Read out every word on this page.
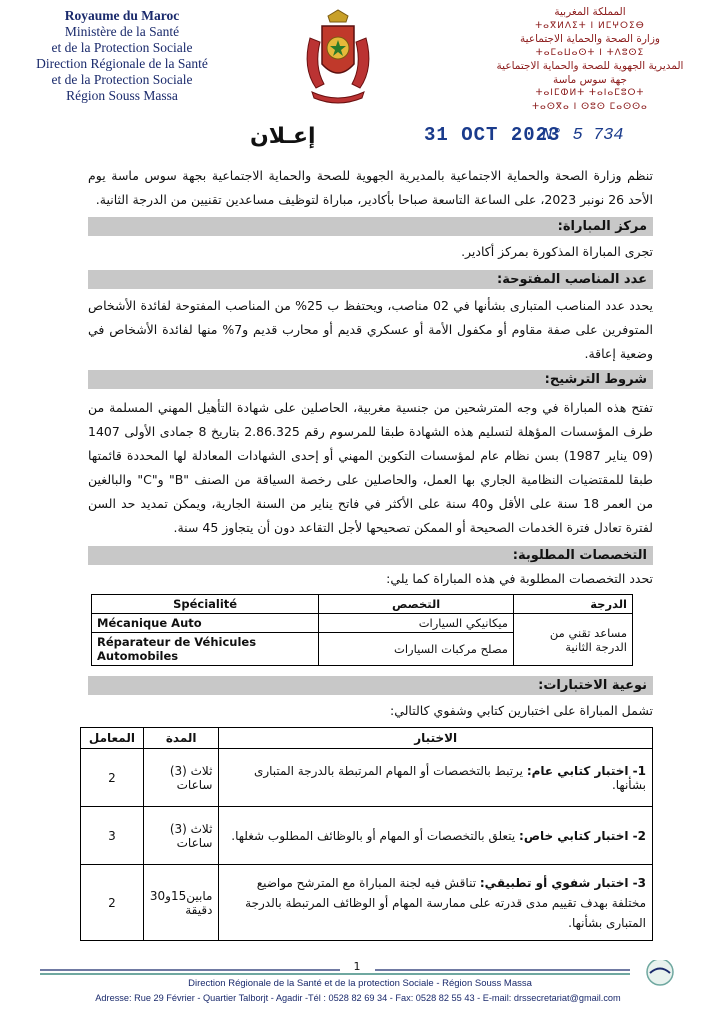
Royaume du Maroc
Ministère de la Santé
et de la Protection Sociale
Direction Régionale de la Santé
et de la Protection Sociale
Région Souss Massa
المملكة المغربية
ⵜⴰⴳⵍⴷⵉⵜ ⵏ ⵍⵎⵖⵔⵉⴱ
وزارة الصحة والحماية الاجتماعية
ⵜⴰⵎⴰⵡⴰⵙⵜ ⵏ ⵜⴷⵓⵙⵉ
المديرية الجهوية للصحة والحماية الاجتماعية
جهة سوس ماسة
ⵜⴰⵏⵎⵀⵍⵜ ⵜⴰⵏⴰⵎⵓⵔⵜ
ⵜⴰⵙⴳⴰ ⵏ ⵙⵓⵙ ⵎⴰⵙⵙⴰ
إعـلان	31 OCT 2023
N° 5 734
تنظم وزارة الصحة والحماية الاجتماعية بالمديرية الجهوية للصحة والحماية الاجتماعية بجهة سوس ماسة يوم الأحد 26 نونبر 2023، على الساعة التاسعة صباحا بأكادير، مباراة لتوظيف مساعدين تقنيين من الدرجة الثانية.
مركز المباراة:
تجرى المباراة المذكورة بمركز أكادير.
عدد المناصب المفتوحة:
يحدد عدد المناصب المتبارى بشأنها في 02 مناصب، ويحتفظ ب 25% من المناصب المفتوحة لفائدة الأشخاص المتوفرين على صفة مقاوم أو مكفول الأمة أو عسكري قديم أو محارب قديم و7% منها لفائدة الأشخاص في وضعية إعاقة.
شروط الترشيح:
تفتح هذه المباراة في وجه المترشحين من جنسية مغربية، الحاصلين على شهادة التأهيل المهني المسلمة من طرف المؤسسات المؤهلة لتسليم هذه الشهادة طبقا للمرسوم رقم 2.86.325 بتاريخ 8 جمادى الأولى 1407 (09 يناير 1987) بسن نظام عام لمؤسسات التكوين المهني أو إحدى الشهادات المعادلة لها المحددة قائمتها طبقا للمقتضيات النظامية الجاري بها العمل، والحاصلين على رخصة السياقة من الصنف "B" و"C" والبالغين من العمر 18 سنة على الأقل و40 سنة على الأكثر في فاتح يناير من السنة الجارية، ويمكن تمديد حد السن لفترة تعادل فترة الخدمات الصحيحة أو الممكن تصحيحها لأجل التقاعد دون أن يتجاوز 45 سنة.
التخصصات المطلوبة:
تحدد التخصصات المطلوبة في هذه المباراة كما يلي:
Spécialité	التخصص	الدرجة
Mécanique Auto	ميكانيكي السيارات	مساعد تقني من الدرجة الثانية
Réparateur de Véhicules Automobiles	مصلح مركبات السيارات	
نوعية الاختبارات:
تشمل المباراة على اختبارين كتابي وشفوي كالتالي:
المعامل	المدة	الاختبار
2	ثلاث (3) ساعات	1- اختبار كتابي عام: يرتبط بالتخصصات أو المهام المرتبطة بالدرجة المتبارى بشأنها.
3	ثلاث (3) ساعات	2- اختبار كتابي خاص: يتعلق بالتخصصات أو المهام أو بالوظائف المطلوب شغلها.
2	مابين15و30 دقيقة	3- اختبار شفوي أو تطبيقي: تناقش فيه لجنة المباراة مع المترشح مواضيع مختلفة بهدف تقييم مدى قدرته على ممارسة المهام أو الوظائف المرتبطة بالدرجة المتبارى بشأنها.
1
Direction Régionale de la Santé et de la protection Sociale - Région Souss Massa
Adresse: Rue 29 Février - Quartier Talborjt - Agadir -Tél : 0528 82 69 34 - Fax: 0528 82 55 43 - E-mail: drssecretariat@gmail.com
